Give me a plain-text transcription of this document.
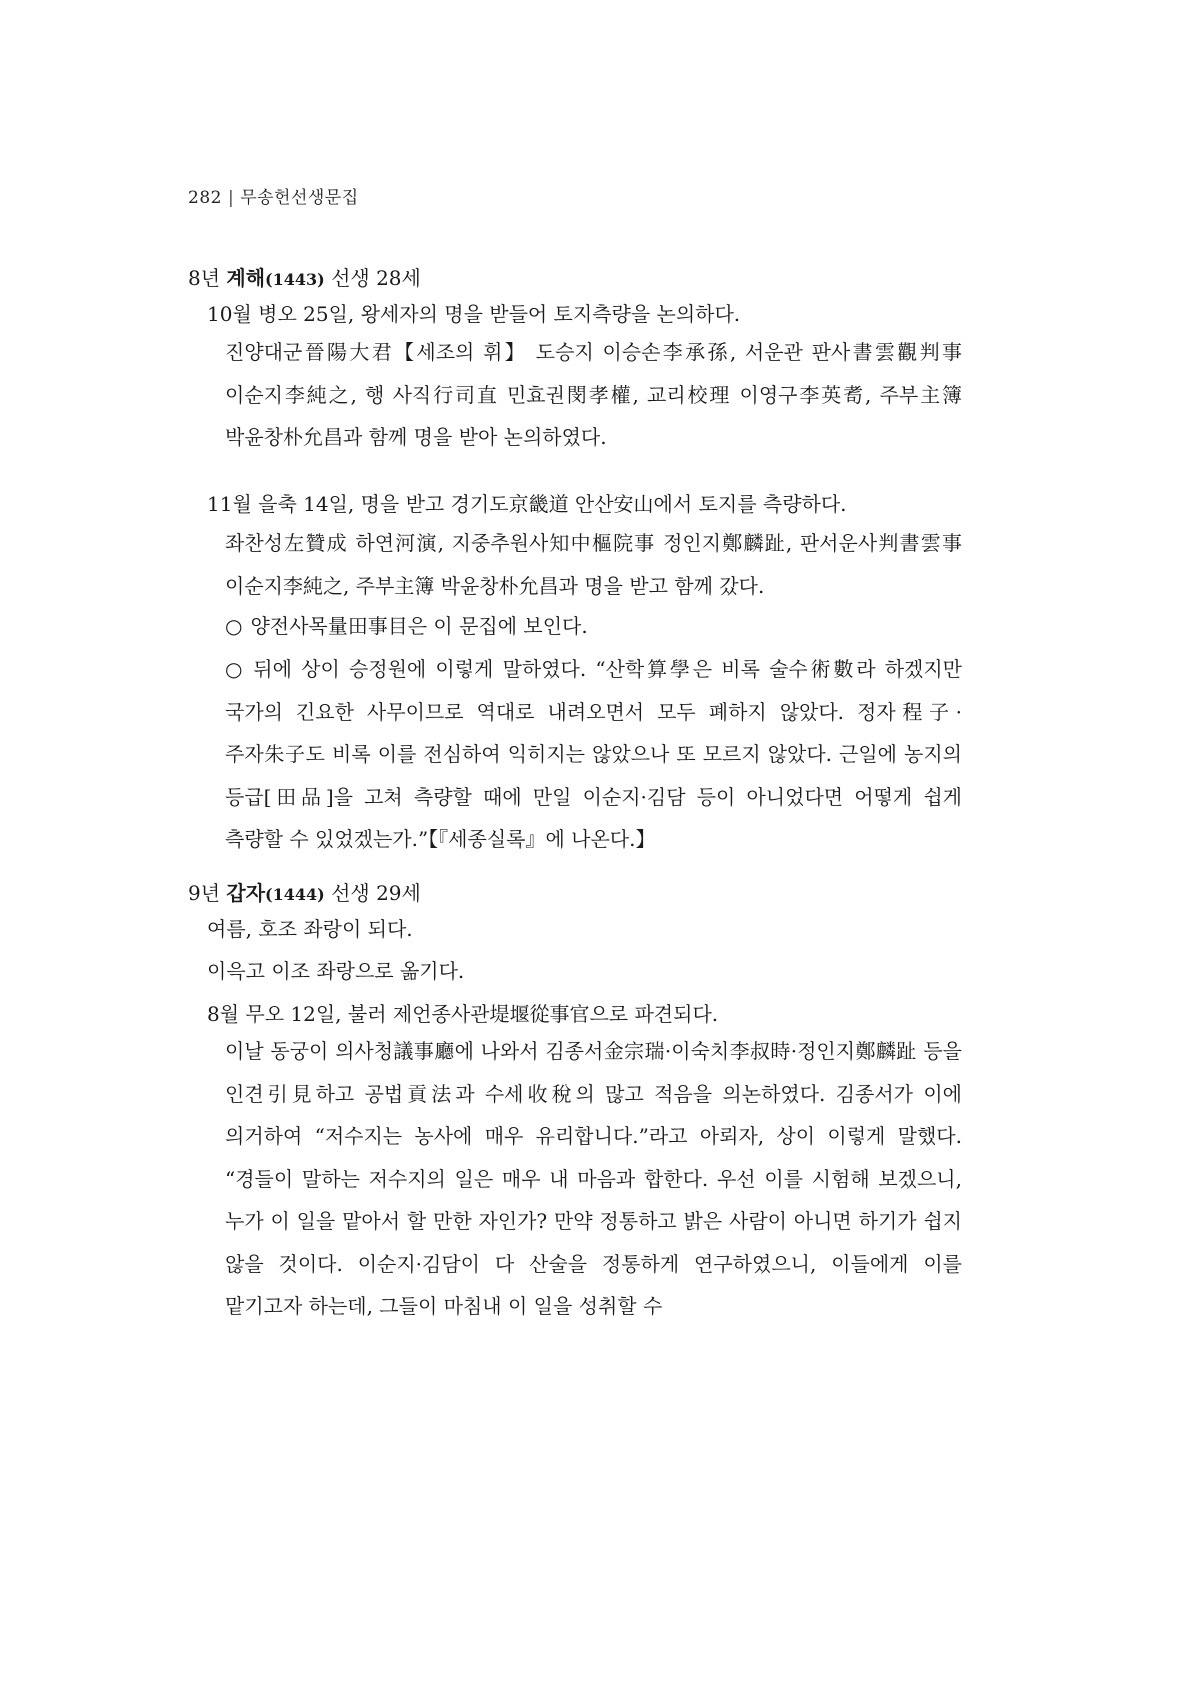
282 | 무송헌선생문집
8년 계해(1443) 선생 28세
10월 병오 25일, 왕세자의 명을 받들어 토지측량을 논의하다.
진양대군晉陽大君【세조의 휘】 도승지 이승손李承孫, 서운관 판사書雲觀判事 이순지李純之, 행 사직行司直 민효권閔孝權, 교리校理 이영구李英耉, 주부主簿 박윤창朴允昌과 함께 명을 받아 논의하였다.
11월 을축 14일, 명을 받고 경기도京畿道 안산安山에서 토지를 측량하다.
좌찬성左贊成 하연河演, 지중추원사知中樞院事 정인지鄭麟趾, 판서운사判書雲事 이순지李純之, 주부主簿 박윤창朴允昌과 명을 받고 함께 갔다.
○ 양전사목量田事目은 이 문집에 보인다.
○ 뒤에 상이 승정원에 이렇게 말하였다. “산학算學은 비록 술수術數라 하겠지만 국가의 긴요한 사무이므로 역대로 내려오면서 모두 폐하지 않았다. 정자程子·주자朱子도 비록 이를 전심하여 익히지는 않았으나 또 모르지 않았다. 근일에 농지의 등급[田品]을 고쳐 측량할 때에 만일 이순지·김담 등이 아니었다면 어떻게 쉽게 측량할 수 있었겠는가.”【『세종실록』에 나온다.】
9년 갑자(1444) 선생 29세
여름, 호조 좌랑이 되다.
이윽고 이조 좌랑으로 옮기다.
8월 무오 12일, 불러 제언종사관堤堰從事官으로 파견되다.
이날 동궁이 의사청議事廳에 나와서 김종서金宗瑞·이숙치李叔時·정인지鄭麟趾 등을 인견引見하고 공법貢法과 수세收稅의 많고 적음을 의논하였다. 김종서가 이에 의거하여 “저수지는 농사에 매우 유리합니다.”라고 아뢰자, 상이 이렇게 말했다. “경들이 말하는 저수지의 일은 매우 내 마음과 합한다. 우선 이를 시험해 보겠으니, 누가 이 일을 맡아서 할 만한 자인가? 만약 정통하고 밝은 사람이 아니면 하기가 쉽지 않을 것이다. 이순지·김담이 다 산술을 정통하게 연구하였으니, 이들에게 이를 맡기고자 하는데, 그들이 마침내 이 일을 성취할 수
